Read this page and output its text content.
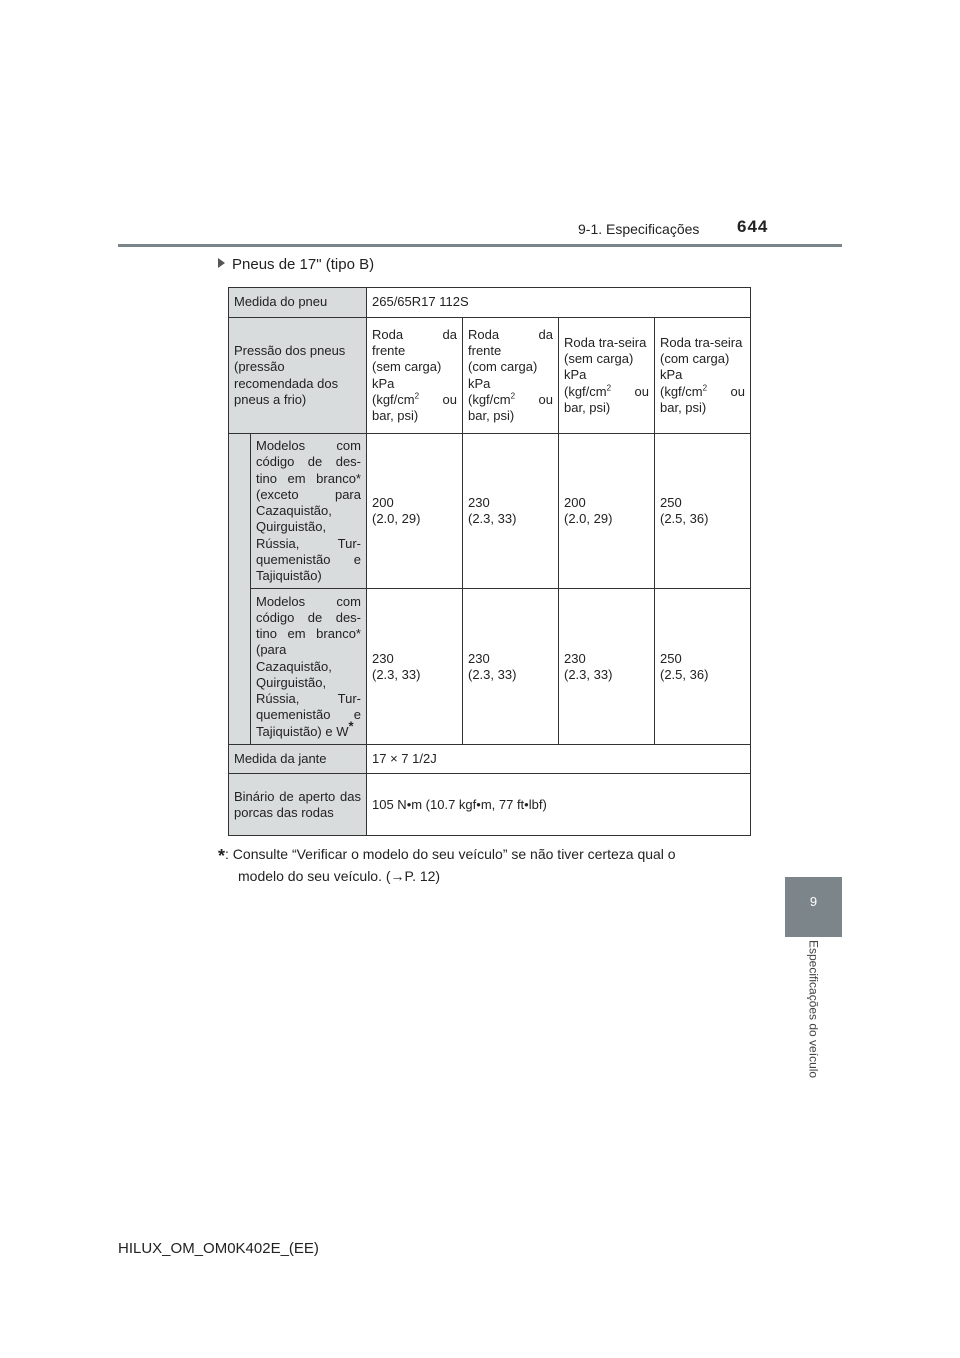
9-1. Especificações 644
Pneus de 17" (tipo B)
Medida do pneu		265/65R17 112S			
Pressão dos pneus (pressão recomendada dos pneus a frio)		Roda da frente
(sem carga)
kPa
($kgf/cm^2$ ou bar, psi)	Roda da frente
(com carga)
kPa
($kgf/cm^2$ ou bar, psi)	Roda tra-seira
(sem carga)
kPa
($kgf/cm^2$ ou bar, psi)	Roda tra-seira
(com carga)
kPa
($kgf/cm^2$ ou bar, psi)
	Modelos com código de des-tino em branco* (exceto para Cazaquistão, Quirguistão, Rússia, Tur-quemenistão e Tajiquistão)	200
(2.0, 29)	230
(2.3, 33)	200
(2.0, 29)	250
(2.5, 36)

	Modelos com código de des-tino em branco* (para Cazaquistão, Quirguistão, Rússia, Tur-quemenistão e Tajiquistão) e W*	230
(2.3, 33)	230
(2.3, 33)	230
(2.3, 33)	250
(2.5, 36)

Medida da jante		17 × 7 1/2J			
Binário de aperto das porcas das rodas		105 N•m (10.7 kgf•m, 77 ft•lbf)			
*: Consulte “Verificar o modelo do seu veículo” se não tiver certeza qual o
modelo do seu veículo. (→P. 12)
9
Especificações do veículo
HILUX_OM_OM0K402E_(EE)
